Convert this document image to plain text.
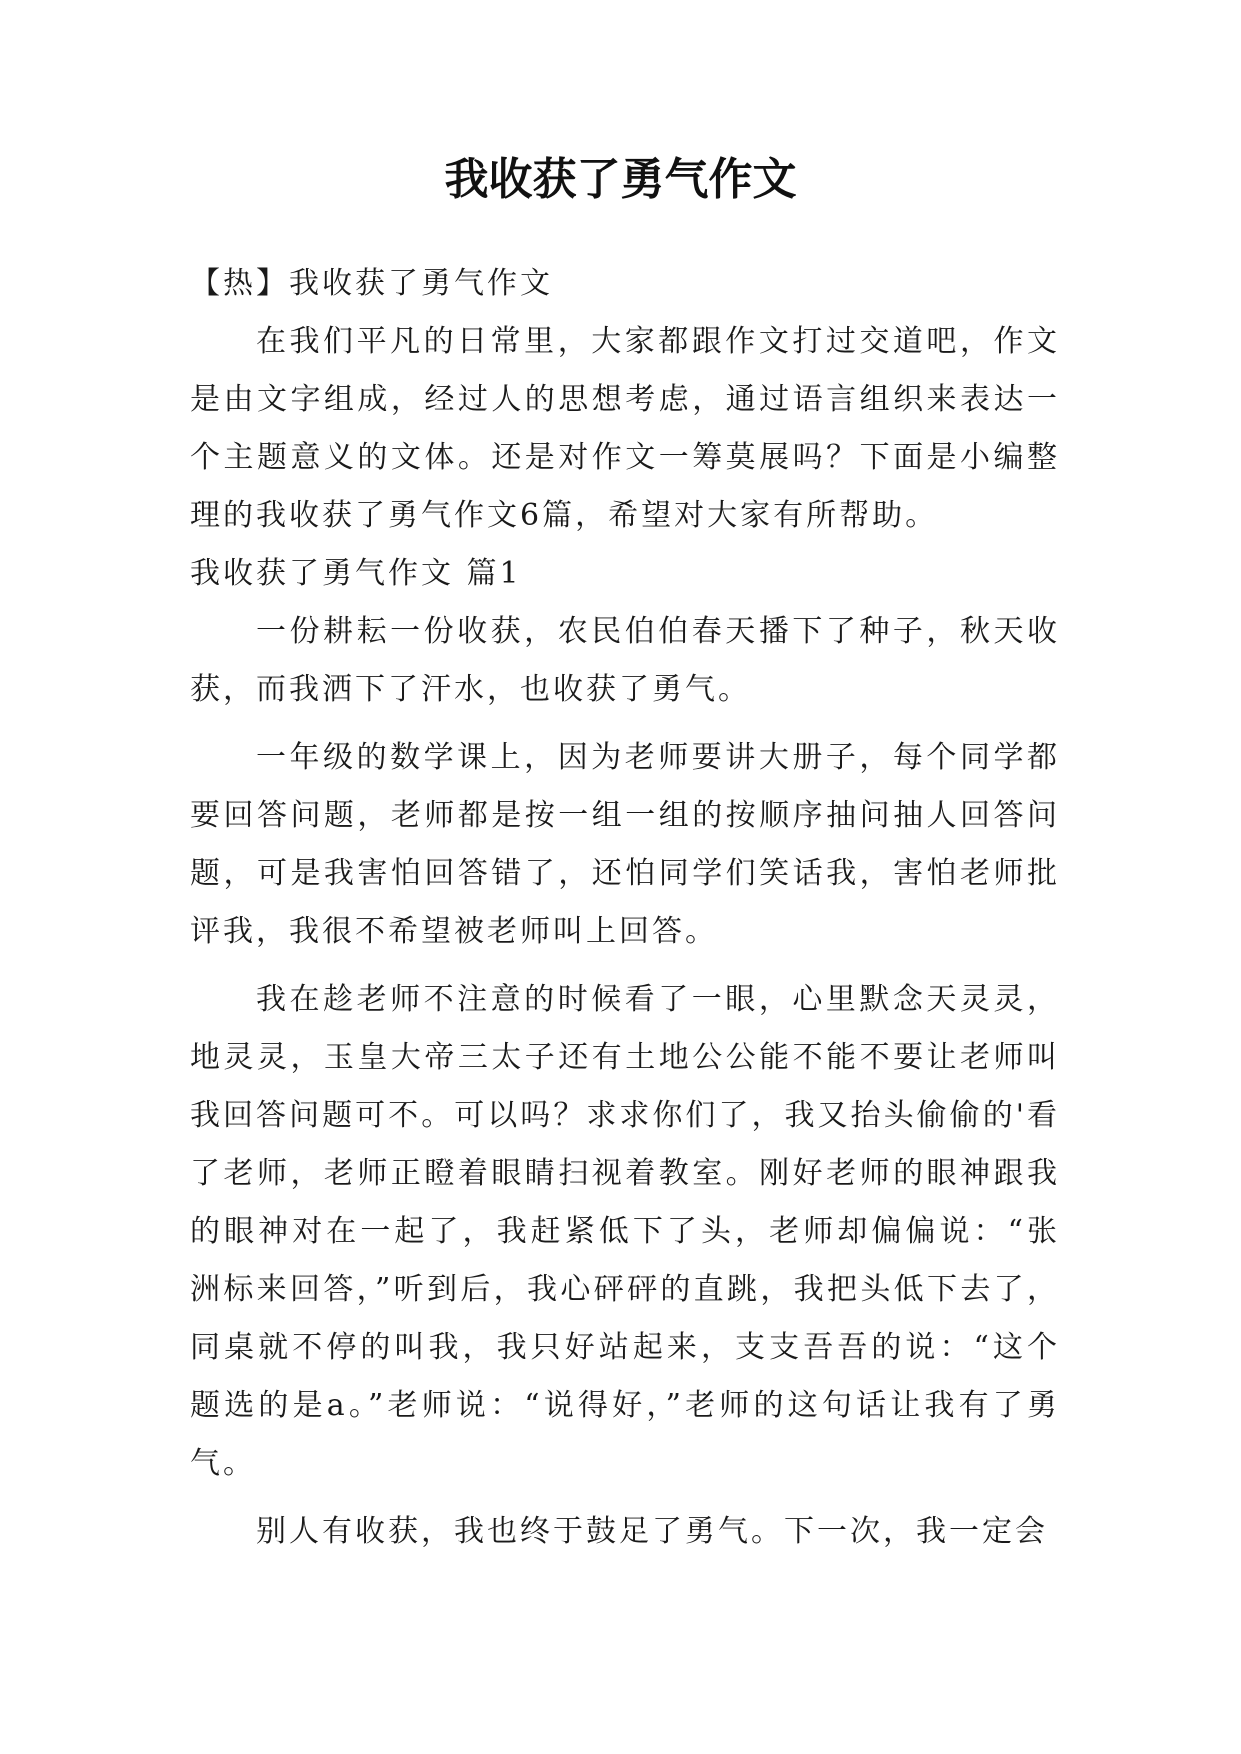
我收获了勇气作文

【热】我收获了勇气作文

在我们平凡的日常里，大家都跟作文打过交道吧，作文是由文字组成，经过人的思想考虑，通过语言组织来表达一个主题意义的文体。还是对作文一筹莫展吗？下面是小编整理的我收获了勇气作文6篇，希望对大家有所帮助。

我收获了勇气作文 篇1

一份耕耘一份收获，农民伯伯春天播下了种子，秋天收获，而我洒下了汗水，也收获了勇气。

一年级的数学课上，因为老师要讲大册子，每个同学都要回答问题，老师都是按一组一组的按顺序抽问抽人回答问题，可是我害怕回答错了，还怕同学们笑话我，害怕老师批评我，我很不希望被老师叫上回答。

我在趁老师不注意的时候看了一眼，心里默念天灵灵，地灵灵，玉皇大帝三太子还有土地公公能不能不要让老师叫我回答问题可不。可以吗？求求你们了，我又抬头偷偷的'看了老师，老师正瞪着眼睛扫视着教室。刚好老师的眼神跟我的眼神对在一起了，我赶紧低下了头，老师却偏偏说：“张洲标来回答，”听到后，我心砰砰的直跳，我把头低下去了，同桌就不停的叫我，我只好站起来，支支吾吾的说：“这个题选的是a。”老师说：“说得好，”老师的这句话让我有了勇气。

别人有收获，我也终于鼓足了勇气。下一次，我一定会
